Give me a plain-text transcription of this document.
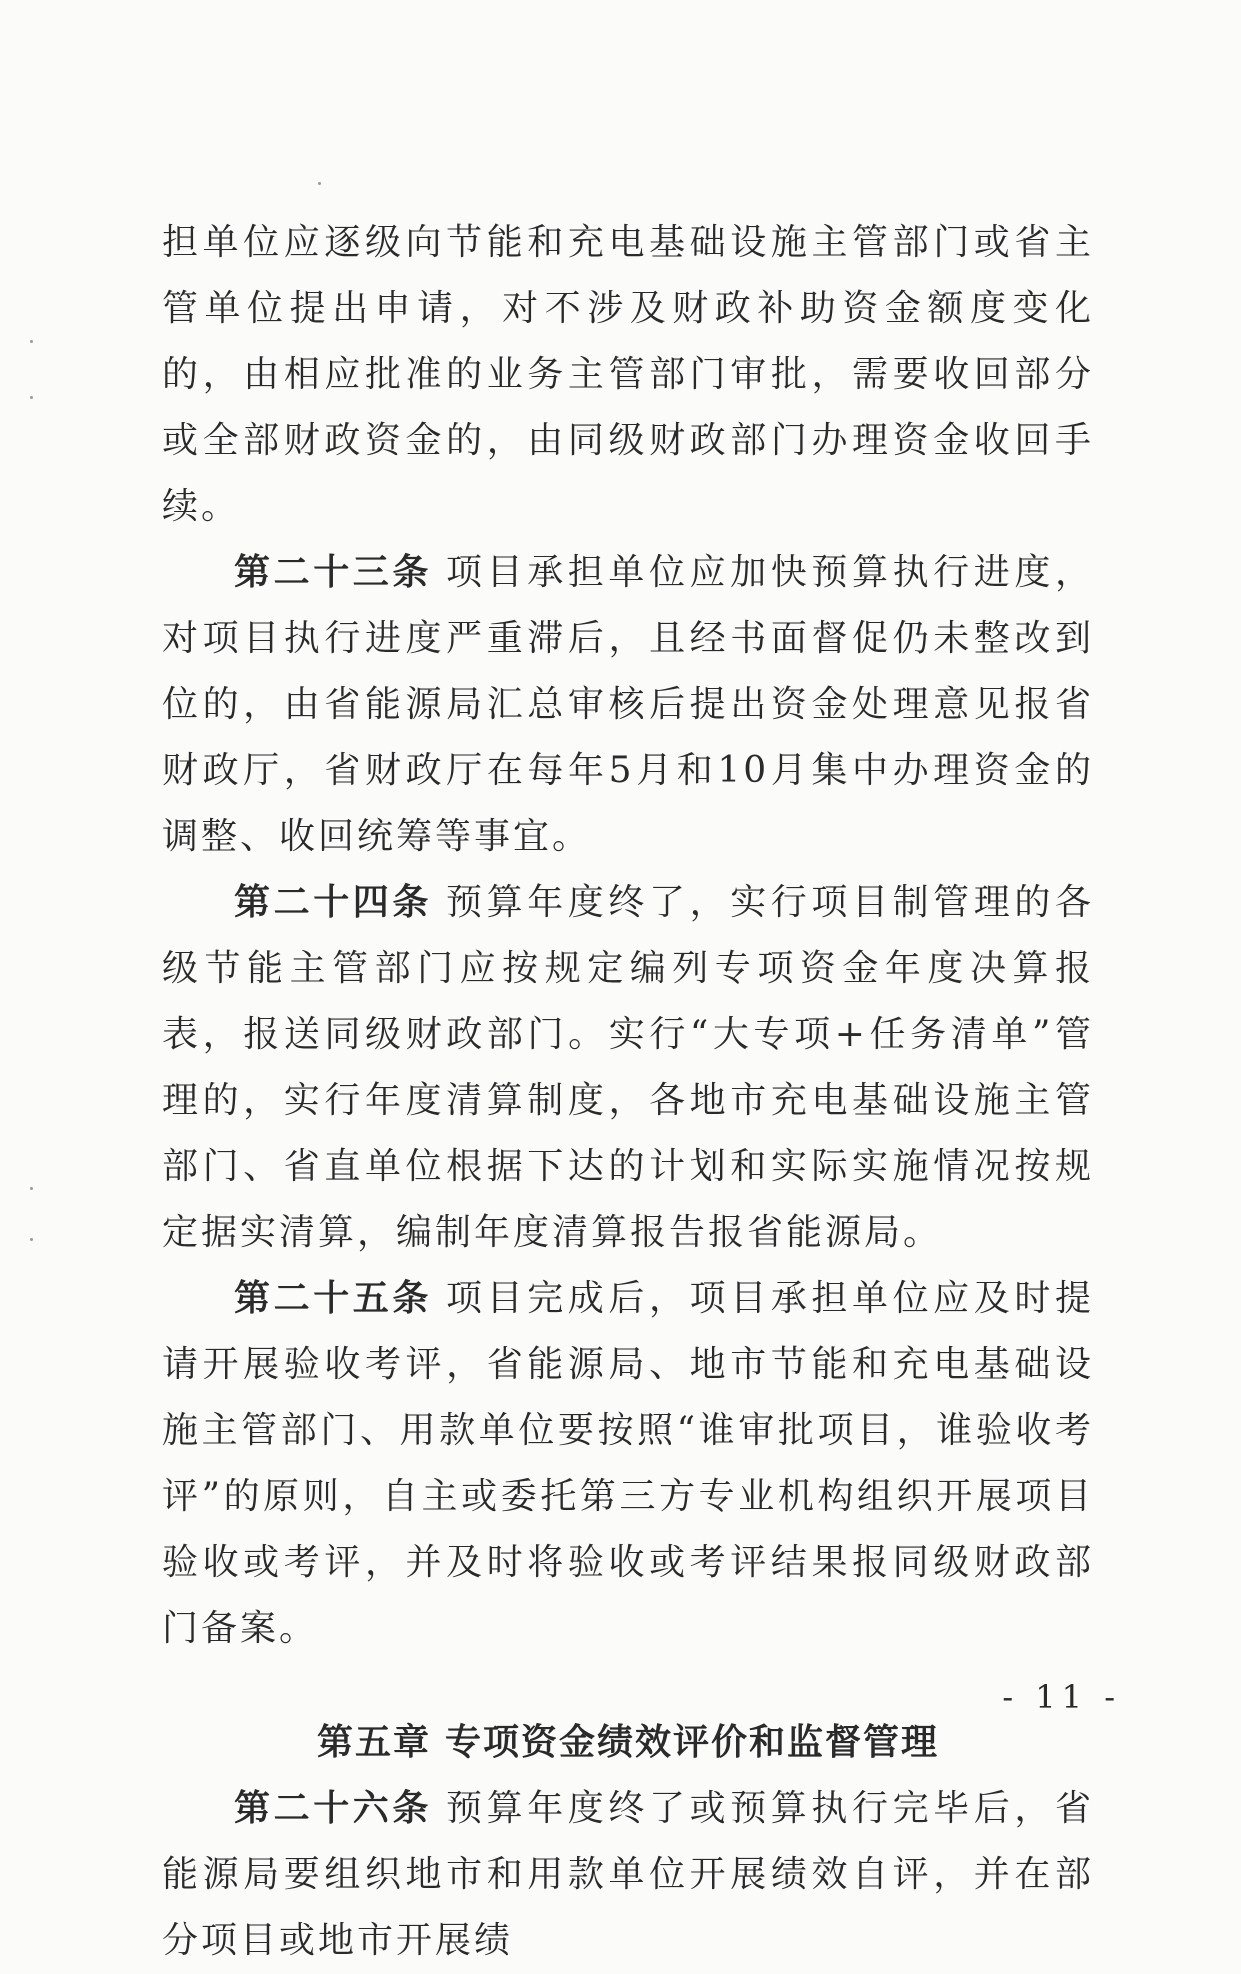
担单位应逐级向节能和充电基础设施主管部门或省主管单位提出申请，对不涉及财政补助资金额度变化的，由相应批准的业务主管部门审批，需要收回部分或全部财政资金的，由同级财政部门办理资金收回手续。

第二十三条 项目承担单位应加快预算执行进度，对项目执行进度严重滞后，且经书面督促仍未整改到位的，由省能源局汇总审核后提出资金处理意见报省财政厅，省财政厅在每年5月和10月集中办理资金的调整、收回统筹等事宜。

第二十四条 预算年度终了，实行项目制管理的各级节能主管部门应按规定编列专项资金年度决算报表，报送同级财政部门。实行“大专项+任务清单”管理的，实行年度清算制度，各地市充电基础设施主管部门、省直单位根据下达的计划和实际实施情况按规定据实清算，编制年度清算报告报省能源局。

第二十五条 项目完成后，项目承担单位应及时提请开展验收考评，省能源局、地市节能和充电基础设施主管部门、用款单位要按照“谁审批项目，谁验收考评”的原则，自主或委托第三方专业机构组织开展项目验收或考评，并及时将验收或考评结果报同级财政部门备案。

第五章 专项资金绩效评价和监督管理

第二十六条 预算年度终了或预算执行完毕后，省能源局要组织地市和用款单位开展绩效自评，并在部分项目或地市开展绩

- 11 -
